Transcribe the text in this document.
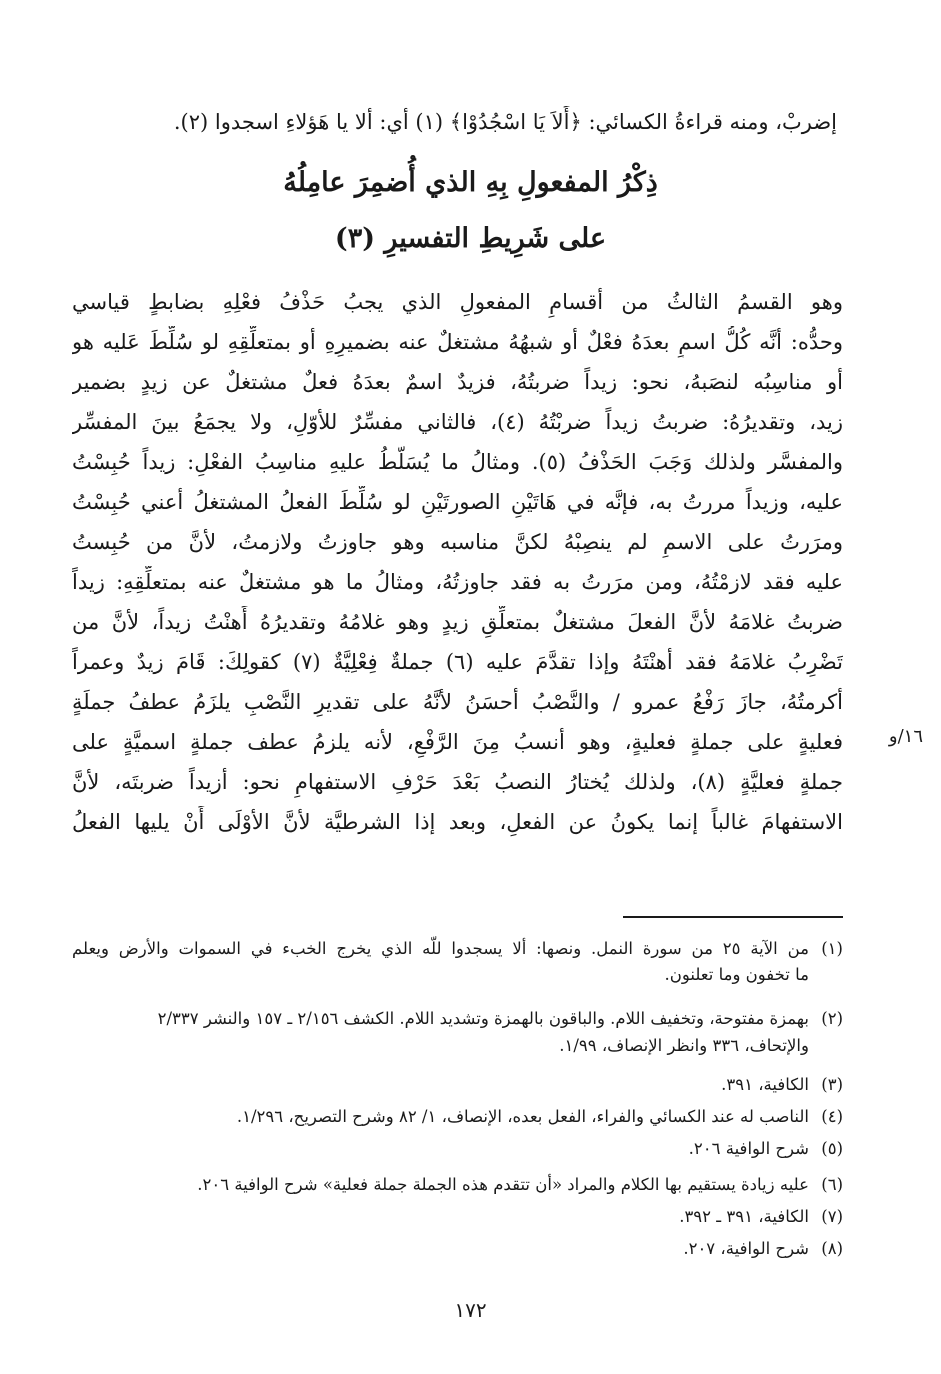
إضربْ، ومنه قراءةُ الكسائي: ﴿أَلاَ يَا اسْجُدُوْا﴾ (١) أي: ألا يا هَؤلاءِ اسجدوا (٢).
ذِكْرُ المفعولِ بِهِ الذي أُضمِرَ عامِلُهُ
على شَرِيطِ التفسيرِ (٣)
وهو القسمُ الثالثُ من أقسامِ المفعولِ الذي يجبُ حَذْفُ فعْلِهِ بضابطٍ قياسي
وحدُّه: أنَّه كُلُّ اسمٍ بعدَهُ فعْلٌ أو شبهُهُ مشتغلٌ عنه بضميرِهِ أو بمتعلِّقِهِ لو سُلِّطَ عَليه هو
أو مناسِبُه لنصَبهُ، نحو: زيداً ضربتُهُ، فزيدٌ اسمٌ بعدَهُ فعلٌ مشتغلٌ عن زيدٍ بضمير
زيد، وتقديرُهُ: ضربتُ زيداً ضربْتُهُ (٤)، فالثاني مفسِّرٌ للأوّلِ، ولا يجمَعُ بينَ المفسِّر
والمفسَّر ولذلك وَجَبَ الحَذْفُ (٥). ومثالُ ما يُسَلَّطُ عليهِ مناسِبُ الفعْلِ: زيداً حُبِسْتُ
عليه، وزيداً مررتُ به، فإنَّه في هَاتَيْنِ الصورتَيْنِ لو سُلِّطَ الفعلُ المشتغلُ أعني حُبِسْتُ
ومرَرتُ على الاسمِ لم ينصِبْهُ لكنَّ مناسبه وهو جاوزتُ ولازمتُ، لأنَّ من حُبِستُ
عليه فقد لازمْتُهُ، ومن مرَرتُ به فقد جاوزتُهُ، ومثالُ ما هو مشتغلٌ عنه بمتعلِّقِهِ: زيداً
ضربتُ غلامَهُ لأنَّ الفعلَ مشتغلٌ بمتعلِّقِ زيدٍ وهو غلامُهُ وتقديرُهُ أَهنْتُ زيداً، لأنَّ من
تَضْرِبُ غلامَهُ فقد أهنْتَهُ وإذا تقدَّمَ عليه (٦) جملةٌ فِعْلِيَّةٌ (٧) كقولِكَ: قَامَ زيدٌ وعمراً
أكرمتُهُ، جازَ رَفْعُ عمرو / والنَّصْبُ أحسَنُ لأنَّهُ على تقديرِ النَّصْبِ يلزَمُ عطفُ جملَةٍ
فعليةٍ على جملةٍ فعليةٍ، وهو أنسبُ مِنَ الرَّفْعِ، لأنه يلزمُ عطف جملةٍ اسميَّةٍ على
جملةٍ فعليَّةٍ (٨)، ولذلك يُختارُ النصبُ بَعْدَ حَرْفِ الاستفهامِ نحو: أزيداً ضربتَه، لأنَّ
الاستفهامَ غالباً إنما يكونُ عن الفعلِ، وبعد إذا الشرطيَّة لأنَّ الأوْلَى أَنْ يليها الفعلُ
١٦/و
(١)من الآية ٢٥ من سورة النمل. ونصها: ألا يسجدوا للّه الذي يخرج الخبء في السموات والأرض ويعلم
ما تخفون وما تعلنون.
(٢)بهمزة مفتوحة، وتخفيف اللام. والباقون بالهمزة وتشديد اللام. الكشف ٢/١٥٦ ـ ١٥٧ والنشر ٢/٣٣٧
والإتحاف، ٣٣٦ وانظر الإنصاف، ١/٩٩.
(٣)الكافية، ٣٩١.
(٤)الناصب له عند الكسائي والفراء، الفعل بعده، الإنصاف، ١/ ٨٢ وشرح التصريح، ١/٢٩٦.
(٥)شرح الوافية ٢٠٦.
(٦)عليه زيادة يستقيم بها الكلام والمراد «أن تتقدم هذه الجملة جملة فعلية» شرح الوافية ٢٠٦.
(٧)الكافية، ٣٩١ ـ ٣٩٢.
(٨)شرح الوافية، ٢٠٧.
١٧٢
